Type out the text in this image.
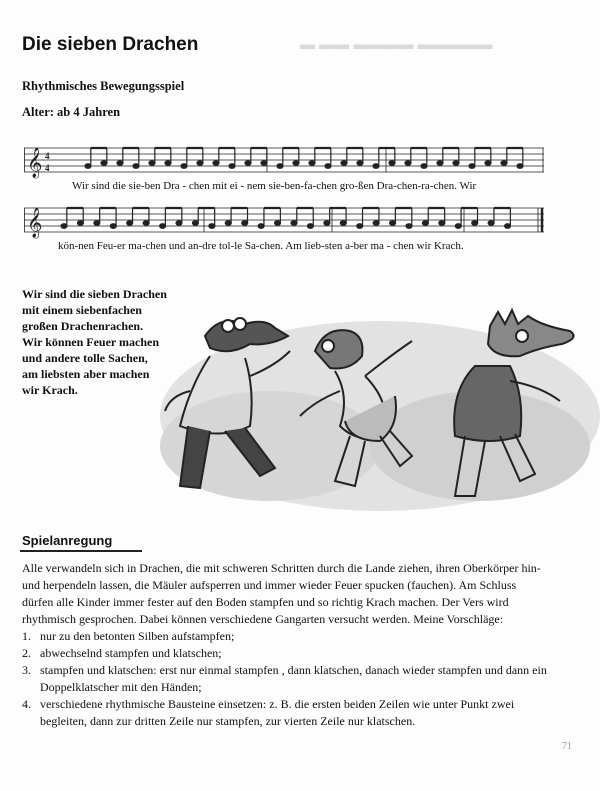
▬ ▬▬ ▬▬▬▬ ▬▬▬▬▬
Die sieben Drachen
Rhythmisches Bewegungsspiel
Alter: ab 4 Jahren
𝄞 4
4
Wir sind die sie-ben Dra - chen mit ei - nem sie-ben-fa-chen gro-ßen Dra-chen-ra-chen. Wir
𝄞
kön-nen Feu-er ma-chen und an-dre tol-le Sa-chen. Am lieb-sten a-ber ma - chen wir Krach.
Wir sind die sieben Drachen
mit einem siebenfachen
großen Drachenrachen.
Wir können Feuer machen
und andere tolle Sachen,
am liebsten aber machen
wir Krach.
Spielanregung
Alle verwandeln sich in Drachen, die mit schweren Schritten durch die Lande ziehen, ihren Oberkörper hin- und herpendeln lassen, die Mäuler aufsperren und immer wieder Feuer spucken (fauchen). Am Schluss dürfen alle Kinder immer fester auf den Boden stampfen und so richtig Krach machen. Der Vers wird rhythmisch gesprochen. Dabei können verschiedene Gangarten versucht werden. Meine Vorschläge:
1. nur zu den betonten Silben aufstampfen;
2. abwechselnd stampfen und klatschen;
3. stampfen und klatschen: erst nur einmal stampfen , dann klatschen, danach wieder stampfen und dann ein Doppelklatscher mit den Händen;
4. verschiedene rhythmische Bausteine einsetzen: z. B. die ersten beiden Zeilen wie unter Punkt zwei begleiten, dann zur dritten Zeile nur stampfen, zur vierten Zeile nur klatschen.
71
